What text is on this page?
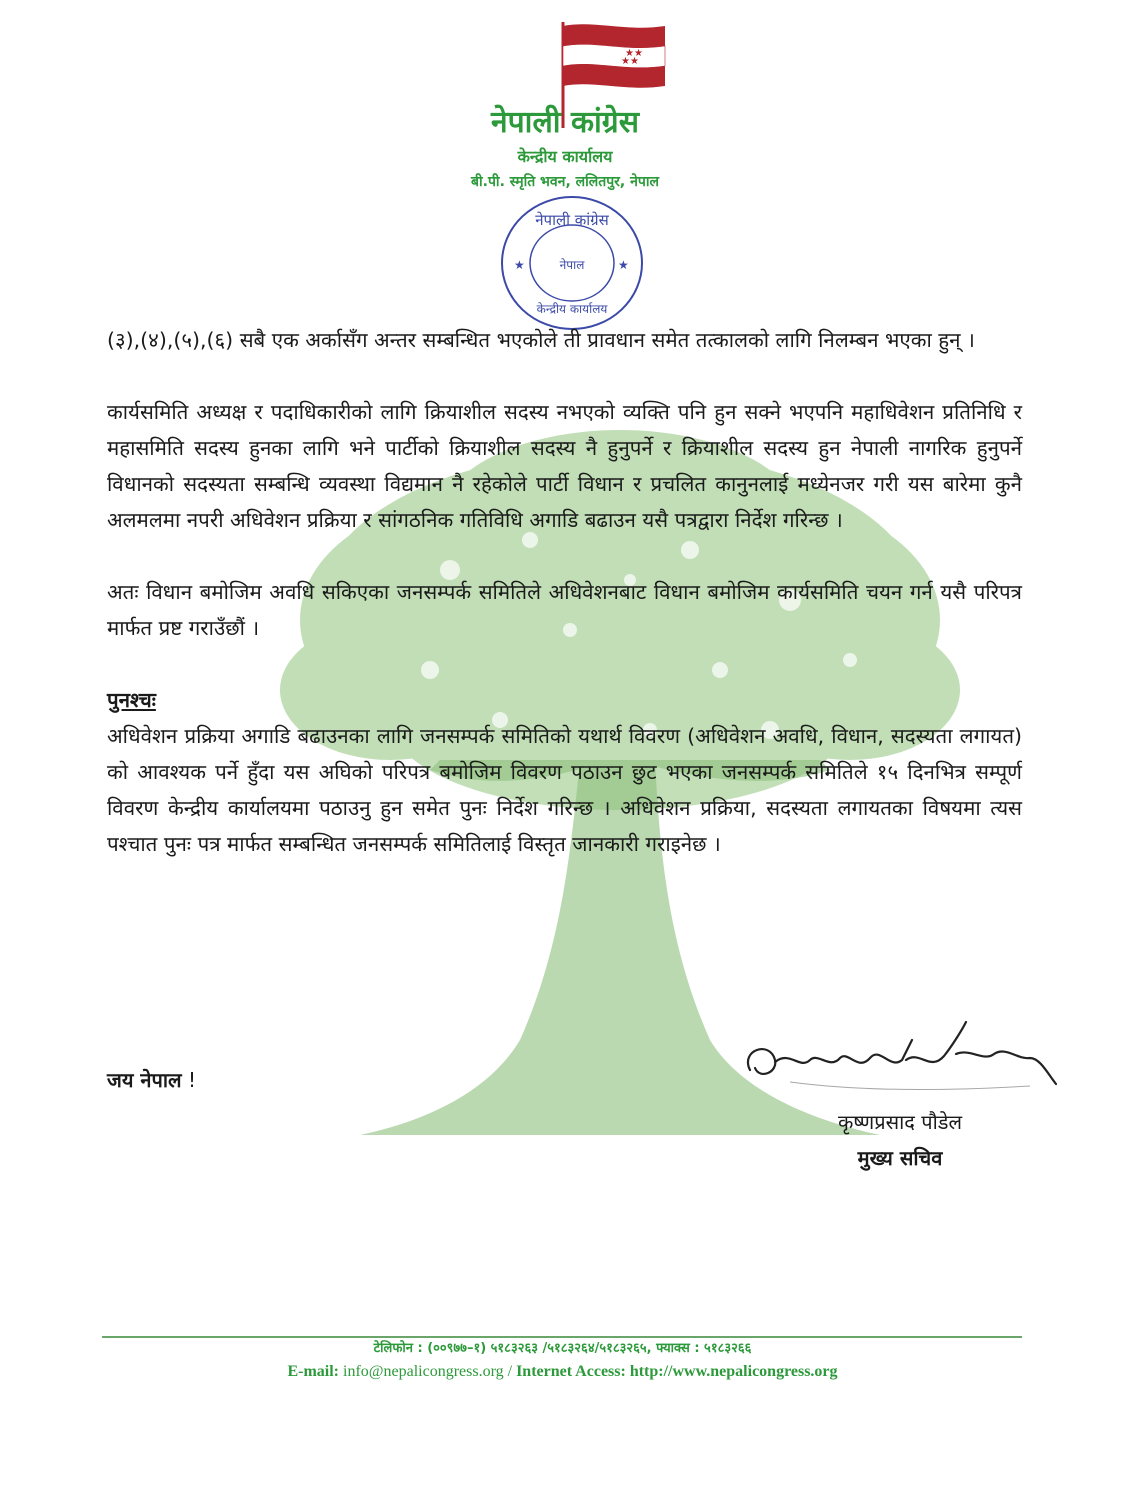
★★
★★
नेपाली कांग्रेस
केन्द्रीय कार्यालय
बी.पी. स्मृति भवन, ललितपुर, नेपाल
नेपाली कांग्रेस
नेपाल
केन्द्रीय कार्यालय
★	★

(३),(४),(५),(६) सबै एक अर्कासँग अन्तर सम्बन्धित भएकोले ती प्रावधान समेत तत्कालको लागि निलम्बन भएका हुन् ।

कार्यसमिति अध्यक्ष र पदाधिकारीको लागि क्रियाशील सदस्य नभएको व्यक्ति पनि हुन सक्ने भएपनि महाधिवेशन प्रतिनिधि र महासमिति सदस्य हुनका लागि भने पार्टीको क्रियाशील सदस्य नै हुनुपर्ने र क्रियाशील सदस्य हुन नेपाली नागरिक हुनुपर्ने विधानको सदस्यता सम्बन्धि व्यवस्था विद्यमान नै रहेकोले पार्टी विधान र प्रचलित कानुनलाई मध्येनजर गरी यस बारेमा कुनै अलमलमा नपरी अधिवेशन प्रक्रिया र सांगठनिक गतिविधि अगाडि बढाउन यसै पत्रद्वारा निर्देश गरिन्छ ।

अतः विधान बमोजिम अवधि सकिएका जनसम्पर्क समितिले अधिवेशनबाट विधान बमोजिम कार्यसमिति चयन गर्न यसै परिपत्र मार्फत प्रष्ट गराउँछौं ।

पुनश्चः

अधिवेशन प्रक्रिया अगाडि बढाउनका लागि जनसम्पर्क समितिको यथार्थ विवरण (अधिवेशन अवधि, विधान, सदस्यता लगायत) को आवश्यक पर्ने हुँदा यस अघिको परिपत्र बमोजिम विवरण पठाउन छुट भएका जनसम्पर्क समितिले १५ दिनभित्र सम्पूर्ण विवरण केन्द्रीय कार्यालयमा पठाउनु हुन समेत पुनः निर्देश गरिन्छ । अधिवेशन प्रक्रिया, सदस्यता लगायतका विषयमा त्यस पश्चात पुनः पत्र मार्फत सम्बन्धित जनसम्पर्क समितिलाई विस्तृत जानकारी गराइनेछ ।

जय नेपाल !
कृष्णप्रसाद पौडेल
मुख्य सचिव
टेलिफोन : (००९७७–१) ५१८३२६३ /५१८३२६४/५१८३२६५, फ्याक्स : ५१८३२६६
E-mail: info@nepalicongress.org / Internet Access: http://www.nepalicongress.org
